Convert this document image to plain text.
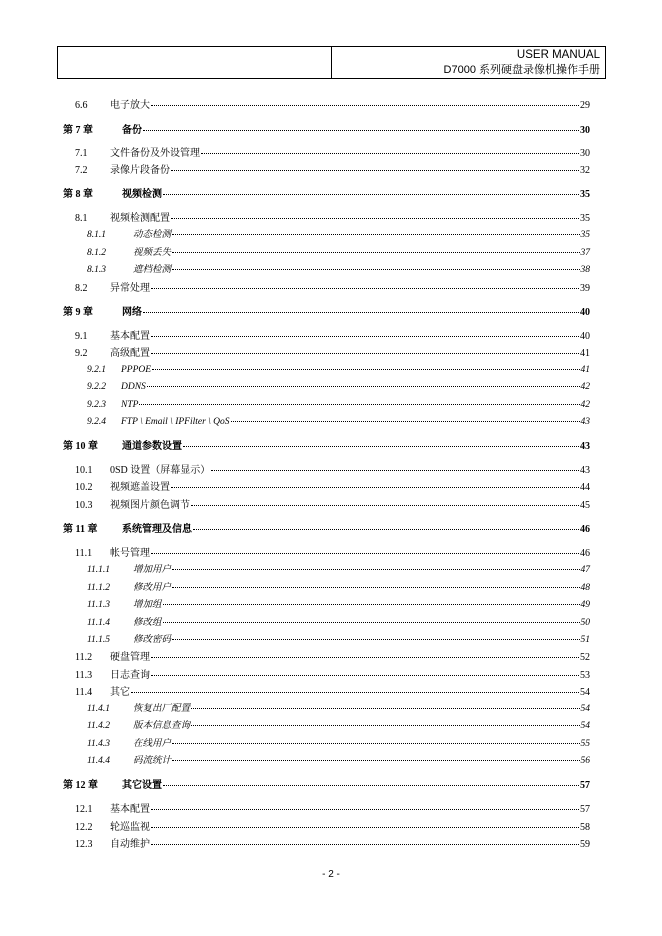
USER MANUAL
D7000 系列硬盘录像机操作手册
6.6	电子放大	29
第 7 章	备份	30
7.1	文件备份及外设管理	30
7.2	录像片段备份	32
第 8 章	视频检测	35
8.1	视频检测配置	35
8.1.1	动态检测	35
8.1.2	视频丢失	37
8.1.3	遮档检测	38
8.2	异常处理	39
第 9 章	网络	40
9.1	基本配置	40
9.2	高级配置	41
9.2.1	PPPOE	41
9.2.2	DDNS	42
9.2.3	NTP	42
9.2.4	FTP \ Email \ IPFilter \ QoS	43
第 10 章	通道参数设置	43
10.1	0SD 设置（屏幕显示）	43
10.2	视频遮盖设置	44
10.3	视频图片颜色调节	45
第 11 章	系统管理及信息	46
11.1	帐号管理	46
11.1.1	增加用户	47
11.1.2	修改用户	48
11.1.3	增加组	49
11.1.4	修改组	50
11.1.5	修改密码	51
11.2	硬盘管理	52
11.3	日志查询	53
11.4	其它	54
11.4.1	恢复出厂配置	54
11.4.2	版本信息查询	54
11.4.3	在线用户	55
11.4.4	码流统计	56
第 12 章	其它设置	57
12.1	基本配置	57
12.2	轮巡监视	58
12.3	自动维护	59
- 2 -
